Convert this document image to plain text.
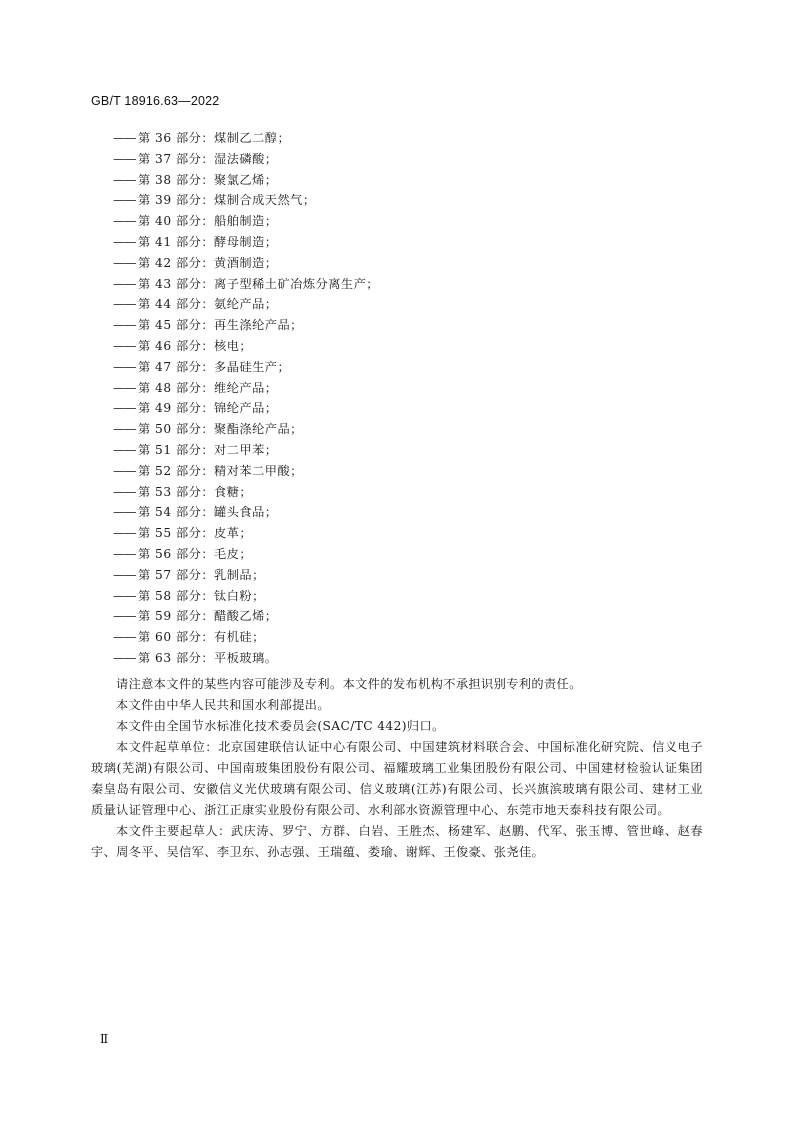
GB/T 18916.63—2022
—— 第 36 部分：煤制乙二醇；
—— 第 37 部分：湿法磷酸；
—— 第 38 部分：聚氯乙烯；
—— 第 39 部分：煤制合成天然气；
—— 第 40 部分：船舶制造；
—— 第 41 部分：酵母制造；
—— 第 42 部分：黄酒制造；
—— 第 43 部分：离子型稀土矿冶炼分离生产；
—— 第 44 部分：氨纶产品；
—— 第 45 部分：再生涤纶产品；
—— 第 46 部分：核电；
—— 第 47 部分：多晶硅生产；
—— 第 48 部分：维纶产品；
—— 第 49 部分：锦纶产品；
—— 第 50 部分：聚酯涤纶产品；
—— 第 51 部分：对二甲苯；
—— 第 52 部分：精对苯二甲酸；
—— 第 53 部分：食糖；
—— 第 54 部分：罐头食品；
—— 第 55 部分：皮革；
—— 第 56 部分：毛皮；
—— 第 57 部分：乳制品；
—— 第 58 部分：钛白粉；
—— 第 59 部分：醋酸乙烯；
—— 第 60 部分：有机硅；
—— 第 63 部分：平板玻璃。

请注意本文件的某些内容可能涉及专利。本文件的发布机构不承担识别专利的责任。

本文件由中华人民共和国水利部提出。

本文件由全国节水标准化技术委员会(SAC/TC 442)归口。

本文件起草单位：北京国建联信认证中心有限公司、中国建筑材料联合会、中国标准化研究院、信义电子玻璃(芜湖)有限公司、中国南玻集团股份有限公司、福耀玻璃工业集团股份有限公司、中国建材检验认证集团秦皇岛有限公司、安徽信义光伏玻璃有限公司、信义玻璃(江苏)有限公司、长兴旗滨玻璃有限公司、建材工业质量认证管理中心、浙江正康实业股份有限公司、水利部水资源管理中心、东莞市地天泰科技有限公司。

本文件主要起草人：武庆涛、罗宁、方群、白岩、王胜杰、杨建军、赵鹏、代军、张玉博、管世峰、赵春宇、周冬平、吴信军、李卫东、孙志强、王瑞蕴、娄瑜、谢辉、王俊豪、张尧佳。

Ⅱ
